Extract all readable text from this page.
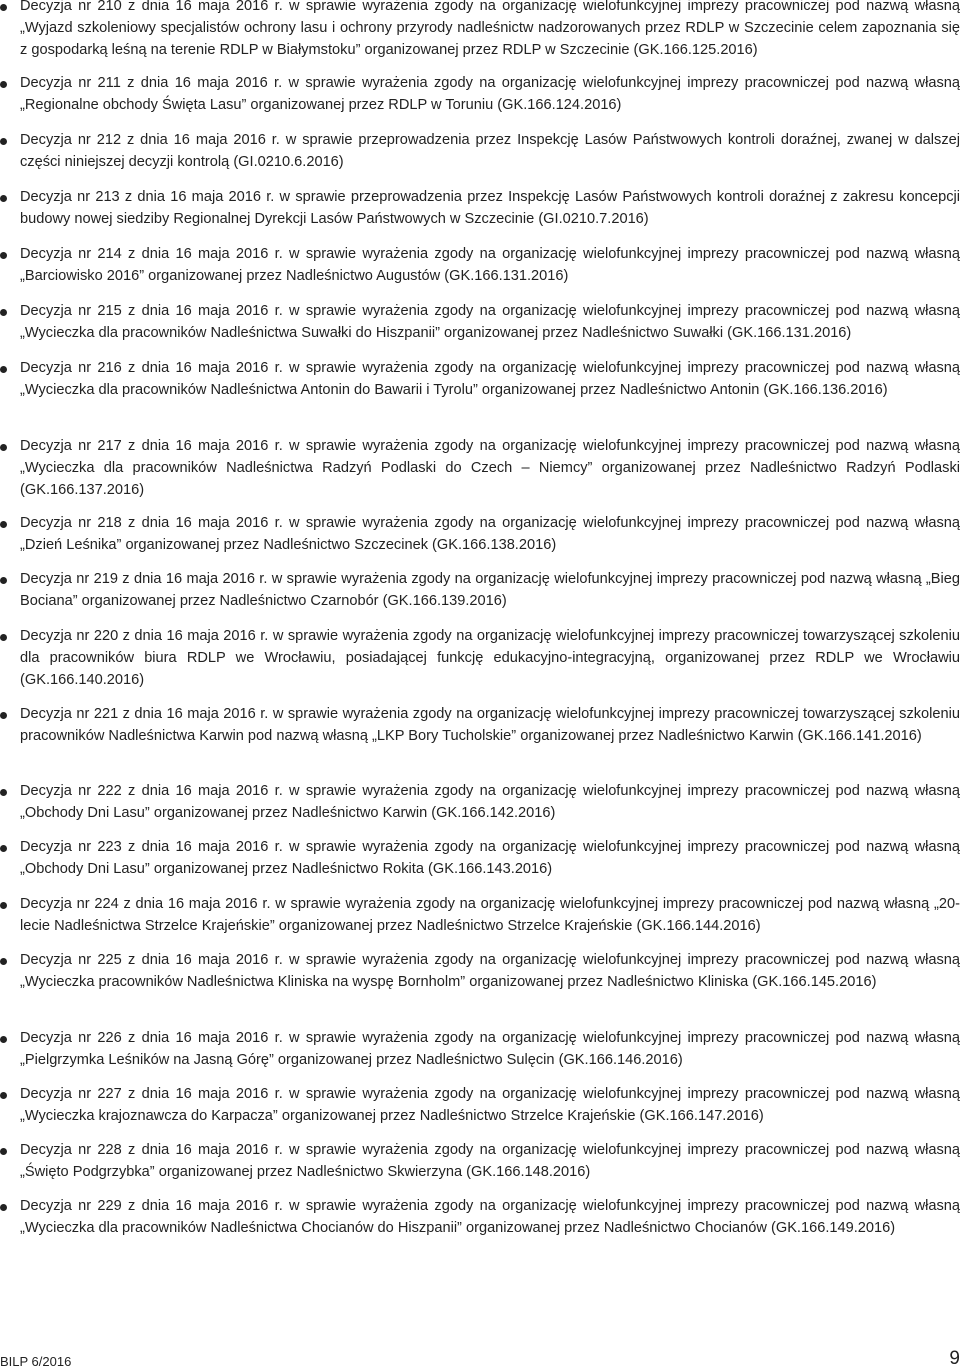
Decyzja nr 210 z dnia 16 maja 2016 r. w sprawie wyrażenia zgody na organizację wielofunkcyjnej imprezy pracowniczej pod nazwą własną „Wyjazd szkoleniowy specjalistów ochrony lasu i ochrony przyrody nadleśnictw nadzorowanych przez RDLP w Szczecinie celem zapoznania się z gospodarką leśną na terenie RDLP w Białymstoku” organizowanej przez RDLP w Szczecinie (GK.166.125.2016)

Decyzja nr 211 z dnia 16 maja 2016 r. w sprawie wyrażenia zgody na organizację wielofunkcyjnej imprezy pracowniczej pod nazwą własną „Regionalne obchody Święta Lasu” organizowanej przez RDLP w Toruniu (GK.166.124.2016)

Decyzja nr 212 z dnia 16 maja 2016 r. w sprawie przeprowadzenia przez Inspekcję Lasów Państwowych kontroli doraźnej, zwanej w dalszej części niniejszej decyzji kontrolą (GI.0210.6.2016)

Decyzja nr 213 z dnia 16 maja 2016 r. w sprawie przeprowadzenia przez Inspekcję Lasów Państwowych kontroli doraźnej z zakresu koncepcji budowy nowej siedziby Regionalnej Dyrekcji Lasów Państwowych w Szczecinie (GI.0210.7.2016)

Decyzja nr 214 z dnia 16 maja 2016 r. w sprawie wyrażenia zgody na organizację wielofunkcyjnej imprezy pracowniczej pod nazwą własną „Barciowisko 2016” organizowanej przez Nadleśnictwo Augustów (GK.166.131.2016)

Decyzja nr 215 z dnia 16 maja 2016 r. w sprawie wyrażenia zgody na organizację wielofunkcyjnej imprezy pracowniczej pod nazwą własną „Wycieczka dla pracowników Nadleśnictwa Suwałki do Hiszpanii” organizowanej przez Nadleśnictwo Suwałki (GK.166.131.2016)

Decyzja nr 216 z dnia 16 maja 2016 r. w sprawie wyrażenia zgody na organizację wielofunkcyjnej imprezy pracowniczej pod nazwą własną „Wycieczka dla pracowników Nadleśnictwa Antonin do Bawarii i Tyrolu” organizowanej przez Nadleśnictwo Antonin (GK.166.136.2016)

Decyzja nr 217 z dnia 16 maja 2016 r. w sprawie wyrażenia zgody na organizację wielofunkcyjnej imprezy pracowniczej pod nazwą własną „Wycieczka dla pracowników Nadleśnictwa Radzyń Podlaski do Czech – Niemcy” organizowanej przez Nadleśnictwo Radzyń Podlaski (GK.166.137.2016)

Decyzja nr 218 z dnia 16 maja 2016 r. w sprawie wyrażenia zgody na organizację wielofunkcyjnej imprezy pracowniczej pod nazwą własną „Dzień Leśnika” organizowanej przez Nadleśnictwo Szczecinek (GK.166.138.2016)

Decyzja nr 219 z dnia 16 maja 2016 r. w sprawie wyrażenia zgody na organizację wielofunkcyjnej imprezy pracowniczej pod nazwą własną „Bieg Bociana” organizowanej przez Nadleśnictwo Czarnobór (GK.166.139.2016)

Decyzja nr 220 z dnia 16 maja 2016 r. w sprawie wyrażenia zgody na organizację wielofunkcyjnej imprezy pracowniczej towarzyszącej szkoleniu dla pracowników biura RDLP we Wrocławiu, posiadającej funkcję edukacyjno-integracyjną, organizowanej przez RDLP we Wrocławiu (GK.166.140.2016)

Decyzja nr 221 z dnia 16 maja 2016 r. w sprawie wyrażenia zgody na organizację wielofunkcyjnej imprezy pracowniczej towarzyszącej szkoleniu pracowników Nadleśnictwa Karwin pod nazwą własną „LKP Bory Tucholskie” organizowanej przez Nadleśnictwo Karwin (GK.166.141.2016)

Decyzja nr 222 z dnia 16 maja 2016 r. w sprawie wyrażenia zgody na organizację wielofunkcyjnej imprezy pracowniczej pod nazwą własną „Obchody Dni Lasu” organizowanej przez Nadleśnictwo Karwin (GK.166.142.2016)

Decyzja nr 223 z dnia 16 maja 2016 r. w sprawie wyrażenia zgody na organizację wielofunkcyjnej imprezy pracowniczej pod nazwą własną „Obchody Dni Lasu” organizowanej przez Nadleśnictwo Rokita (GK.166.143.2016)

Decyzja nr 224 z dnia 16 maja 2016 r. w sprawie wyrażenia zgody na organizację wielofunkcyjnej imprezy pracowniczej pod nazwą własną „20-lecie Nadleśnictwa Strzelce Krajeńskie” organizowanej przez Nadleśnictwo Strzelce Krajeńskie (GK.166.144.2016)

Decyzja nr 225 z dnia 16 maja 2016 r. w sprawie wyrażenia zgody na organizację wielofunkcyjnej imprezy pracowniczej pod nazwą własną „Wycieczka pracowników Nadleśnictwa Kliniska na wyspę Bornholm” organizowanej przez Nadleśnictwo Kliniska (GK.166.145.2016)

Decyzja nr 226 z dnia 16 maja 2016 r. w sprawie wyrażenia zgody na organizację wielofunkcyjnej imprezy pracowniczej pod nazwą własną „Pielgrzymka Leśników na Jasną Górę” organizowanej przez Nadleśnictwo Sulęcin (GK.166.146.2016)

Decyzja nr 227 z dnia 16 maja 2016 r. w sprawie wyrażenia zgody na organizację wielofunkcyjnej imprezy pracowniczej pod nazwą własną „Wycieczka krajoznawcza do Karpacza” organizowanej przez Nadleśnictwo Strzelce Krajeńskie (GK.166.147.2016)

Decyzja nr 228 z dnia 16 maja 2016 r. w sprawie wyrażenia zgody na organizację wielofunkcyjnej imprezy pracowniczej pod nazwą własną „Święto Podgrzybka” organizowanej przez Nadleśnictwo Skwierzyna (GK.166.148.2016)

Decyzja nr 229 z dnia 16 maja 2016 r. w sprawie wyrażenia zgody na organizację wielofunkcyjnej imprezy pracowniczej pod nazwą własną „Wycieczka dla pracowników Nadleśnictwa Chocianów do Hiszpanii” organizowanej przez Nadleśnictwo Chocianów (GK.166.149.2016)

BILP 6/2016	9
